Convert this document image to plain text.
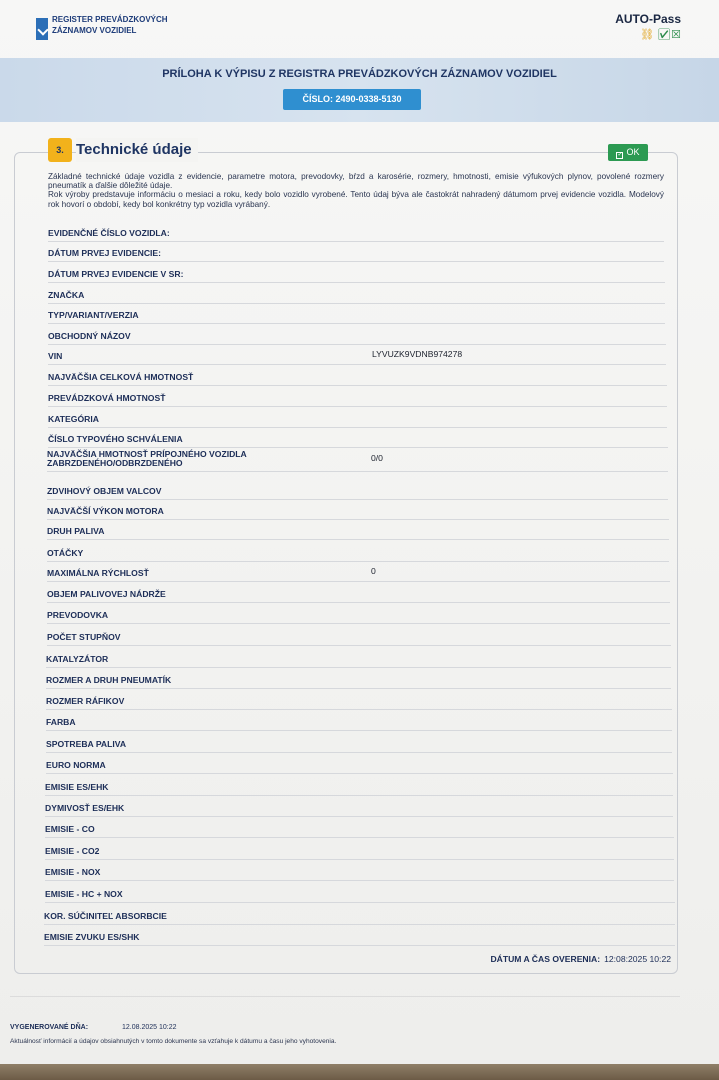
REGISTER PREVÁDZKOVÝCH
ZÁZNAMOV VOZIDIEL
AUTO-Pass
⛓ ☑☒
PRÍLOHA K VÝPISU Z REGISTRA PREVÁDZKOVÝCH ZÁZNAMOV VOZIDIEL
ČÍSLO: 2490-0338-5130
3. Technické údaje	✓ OK
Základné technické údaje vozidla z evidencie, parametre motora, prevodovky, bŕzd a karosérie, rozmery, hmotnosti, emisie výfukových plynov, povolené rozmery pneumatík a ďalšie dôležité údaje.
Rok výroby predstavuje informáciu o mesiaci a roku, kedy bolo vozidlo vyrobené. Tento údaj býva ale častokrát nahradený dátumom prvej evidencie vozidla. Modelový rok hovorí o období, kedy bol konkrétny typ vozidla vyrábaný.
EVIDENČNÉ ČÍSLO VOZIDLA:
DÁTUM PRVEJ EVIDENCIE:
DÁTUM PRVEJ EVIDENCIE V SR:
ZNAČKA
TYP/VARIANT/VERZIA
OBCHODNÝ NÁZOV
VIN	LYVUZK9VDNB974278
NAJVÄČŠIA CELKOVÁ HMOTNOSŤ
PREVÁDZKOVÁ HMOTNOSŤ
KATEGÓRIA
ČÍSLO TYPOVÉHO SCHVÁLENIA
NAJVÄČŠIA HMOTNOSŤ PRÍPOJNÉHO VOZIDLA ZABRZDENÉHO/ODBRZDENÉHO	0/0
ZDVIHOVÝ OBJEM VALCOV
NAJVÄČŠÍ VÝKON MOTORA
DRUH PALIVA
OTÁČKY
MAXIMÁLNA RÝCHLOSŤ	0
OBJEM PALIVOVEJ NÁDRŽE
PREVODOVKA
POČET STUPŇOV
KATALYZÁTOR
ROZMER A DRUH PNEUMATÍK
ROZMER RÁFIKOV
FARBA
SPOTREBA PALIVA
EURO NORMA
EMISIE ES/EHK
DYMIVOSŤ ES/EHK
EMISIE - CO
EMISIE - CO2
EMISIE - NOX
EMISIE - HC + NOX
KOR. SÚČINITEĽ ABSORBCIE
EMISIE ZVUKU ES/SHK
DÁTUM A ČAS OVERENIA: 12:08:2025 10:22
VYGENEROVANÉ DŇA:	12.08.2025 10:22
Aktuálnosť informácií a údajov obsiahnutých v tomto dokumente sa vzťahuje k dátumu a času jeho vyhotovenia.
